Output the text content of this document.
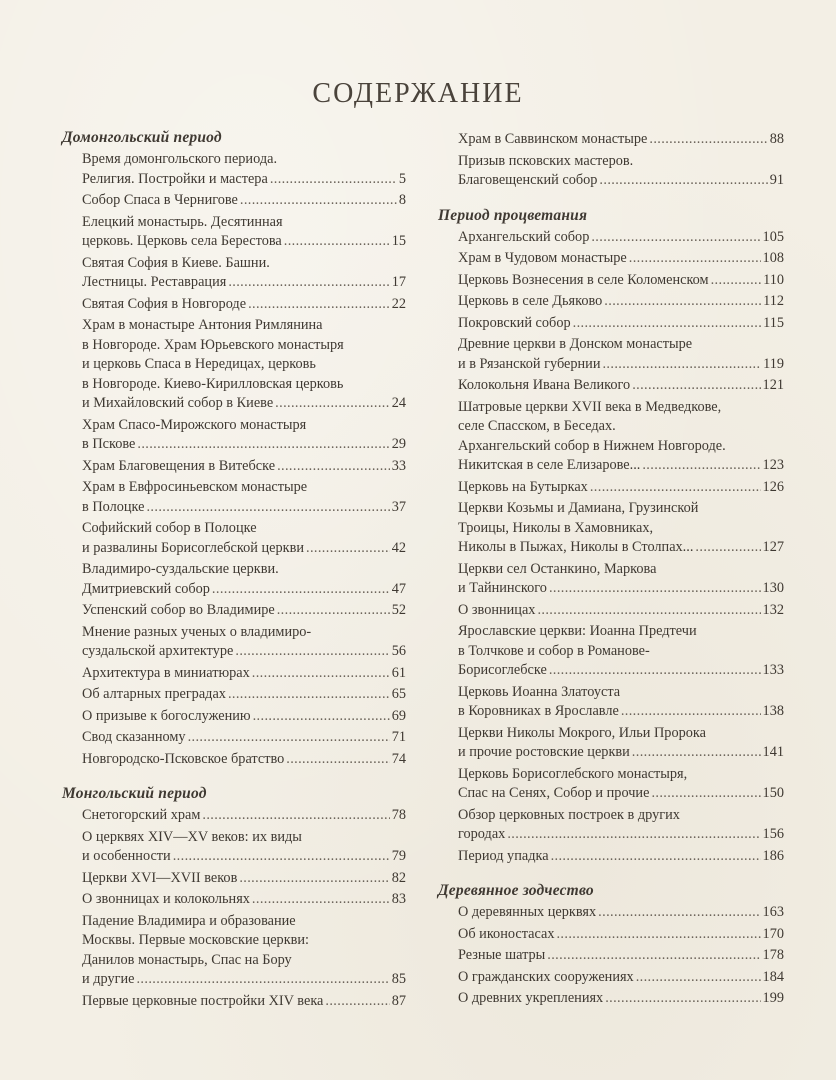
СОДЕРЖАНИЕ
Домонгольский период
Время домонгольского периода.
Религия. Постройки и мастера . . .	5
Собор Спаса в Чернигове . . .	8
Елецкий монастырь. Десятинная
церковь. Церковь села Берестова . . .	15
Святая София в Киеве. Башни.
Лестницы. Реставрация . . .	17
Святая София в Новгороде . . .	22
Храм в монастыре Антония Римлянина
в Новгороде. Храм Юрьевского монастыря
и церковь Спаса в Нередицах, церковь
в Новгороде. Киево-Кирилловская церковь
и Михайловский собор в Киеве . . .	24
Храм Спасо-Мирожского монастыря
в Пскове . . .	29
Храм Благовещения в Витебске . . .	33
Храм в Евфросиньевском монастыре
в Полоцке . . .	37
Софийский собор в Полоцке
и развалины Борисоглебской церкви . . .	42
Владимиро-суздальские церкви.
Дмитриевский собор . . .	47
Успенский собор во Владимире . . .	52
Мнение разных ученых о владимиро-
суздальской архитектуре . . .	56
Архитектура в миниатюрах . . .	61
Об алтарных преградах . . .	65
О призыве к богослужению . . .	69
Свод сказанному . . .	71
Новгородско-Псковское братство . . .	74
Монгольский период
Снетогорский храм . . .	78
О церквях XIV—XV веков: их виды
и особенности . . .	79
Церкви XVI—XVII веков . . .	82
О звонницах и колокольнях . . .	83
Падение Владимира и образование
Москвы. Первые московские церкви:
Данилов монастырь, Спас на Бору
и другие . . .	85
Первые церковные постройки XIV века . . .	87
Храм в Саввинском монастыре . . .	88
Призыв псковских мастеров.
Благовещенский собор . . .	91
Период процветания
Архангельский собор . . .	105
Храм в Чудовом монастыре . . .	108
Церковь Вознесения в селе Коломенском . . .	110
Церковь в селе Дьяково . . .	112
Покровский собор . . .	115
Древние церкви в Донском монастыре
и в Рязанской губернии . . .	119
Колокольня Ивана Великого . . .	121
Шатровые церкви XVII века в Медведкове,
селе Спасском, в Беседах.
Архангельский собор в Нижнем Новгороде.
Никитская в селе Елизарове... . . .	123
Церковь на Бутырках . . .	126
Церкви Козьмы и Дамиана, Грузинской
Троицы, Николы в Хамовниках,
Николы в Пыжах, Николы в Столпах... . . .	127
Церкви сел Останкино, Маркова
и Тайнинского . . .	130
О звонницах . . .	132
Ярославские церкви: Иоанна Предтечи
в Толчкове и собор в Романове-
Борисоглебске . . .	133
Церковь Иоанна Златоуста
в Коровниках в Ярославле . . .	138
Церкви Николы Мокрого, Ильи Пророка
и прочие ростовские церкви . . .	141
Церковь Борисоглебского монастыря,
Спас на Сенях, Собор и прочие . . .	150
Обзор церковных построек в других
городах . . .	156
Период упадка . . .	186
Деревянное зодчество
О деревянных церквях . . .	163
Об иконостасах . . .	170
Резные шатры . . .	178
О гражданских сооружениях . . .	184
О древних укреплениях . . .	199
